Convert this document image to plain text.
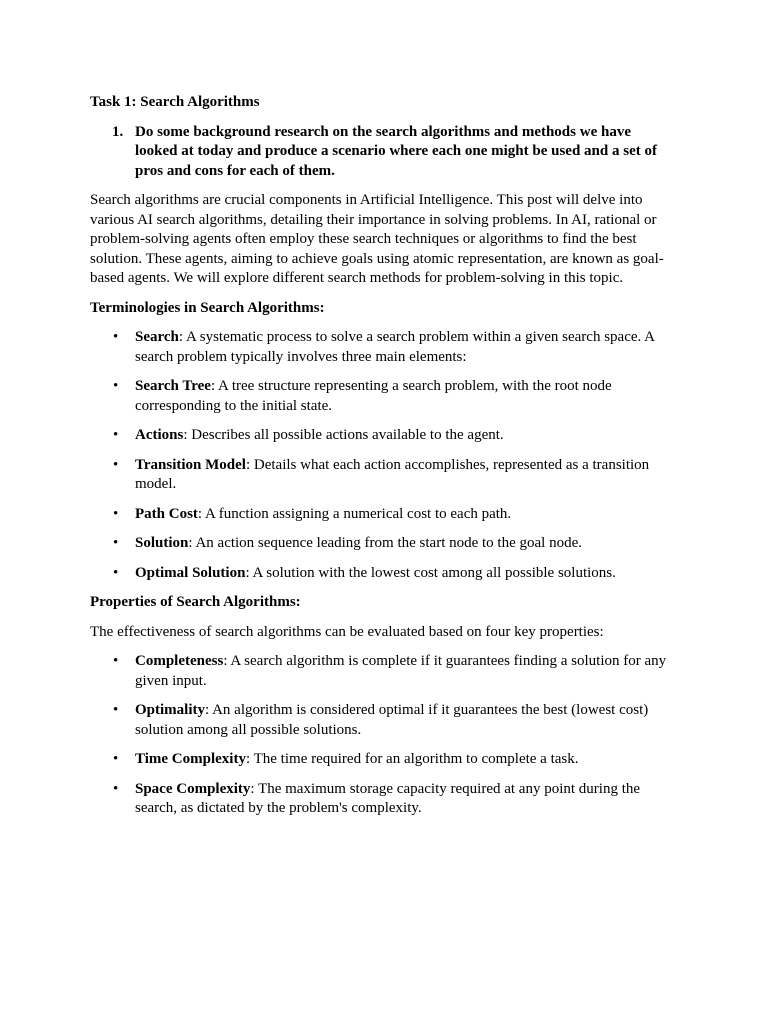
Task 1: Search Algorithms
1. Do some background research on the search algorithms and methods we have looked at today and produce a scenario where each one might be used and a set of pros and cons for each of them.
Search algorithms are crucial components in Artificial Intelligence. This post will delve into various AI search algorithms, detailing their importance in solving problems. In AI, rational or problem-solving agents often employ these search techniques or algorithms to find the best solution. These agents, aiming to achieve goals using atomic representation, are known as goal-based agents. We will explore different search methods for problem-solving in this topic.
Terminologies in Search Algorithms:
•	Search: A systematic process to solve a search problem within a given search space. A search problem typically involves three main elements:
•	Search Tree: A tree structure representing a search problem, with the root node corresponding to the initial state.
•	Actions: Describes all possible actions available to the agent.
•	Transition Model: Details what each action accomplishes, represented as a transition model.
•	Path Cost: A function assigning a numerical cost to each path.
•	Solution: An action sequence leading from the start node to the goal node.
•	Optimal Solution: A solution with the lowest cost among all possible solutions.
Properties of Search Algorithms:
The effectiveness of search algorithms can be evaluated based on four key properties:
•	Completeness: A search algorithm is complete if it guarantees finding a solution for any given input.
•	Optimality: An algorithm is considered optimal if it guarantees the best (lowest cost) solution among all possible solutions.
•	Time Complexity: The time required for an algorithm to complete a task.
•	Space Complexity: The maximum storage capacity required at any point during the search, as dictated by the problem's complexity.
